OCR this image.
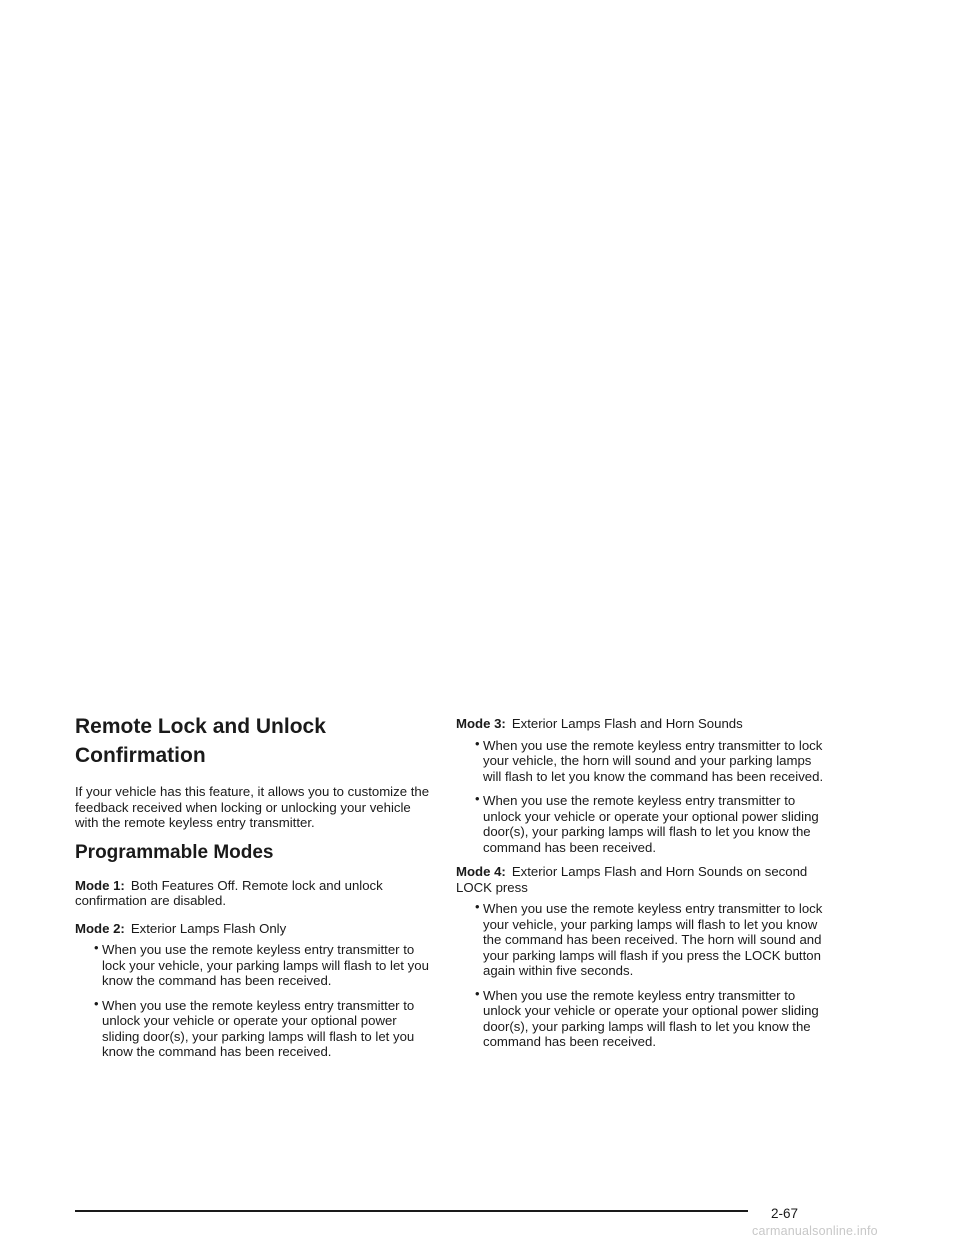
Remote Lock and Unlock
Confirmation

If your vehicle has this feature, it allows you to customize the feedback received when locking or unlocking your vehicle with the remote keyless entry transmitter.

Programmable Modes

Mode 1: Both Features Off. Remote lock and unlock confirmation are disabled.

Mode 2: Exterior Lamps Flash Only

• When you use the remote keyless entry transmitter to lock your vehicle, your parking lamps will flash to let you know the command has been received.
• When you use the remote keyless entry transmitter to unlock your vehicle or operate your optional power sliding door(s), your parking lamps will flash to let you know the command has been received.

Mode 3: Exterior Lamps Flash and Horn Sounds

• When you use the remote keyless entry transmitter to lock your vehicle, the horn will sound and your parking lamps will flash to let you know the command has been received.
• When you use the remote keyless entry transmitter to unlock your vehicle or operate your optional power sliding door(s), your parking lamps will flash to let you know the command has been received.

Mode 4: Exterior Lamps Flash and Horn Sounds on second LOCK press

• When you use the remote keyless entry transmitter to lock your vehicle, your parking lamps will flash to let you know the command has been received. The horn will sound and your parking lamps will flash if you press the LOCK button again within five seconds.
• When you use the remote keyless entry transmitter to unlock your vehicle or operate your optional power sliding door(s), your parking lamps will flash to let you know the command has been received.
2-67
carmanualsonline.info
